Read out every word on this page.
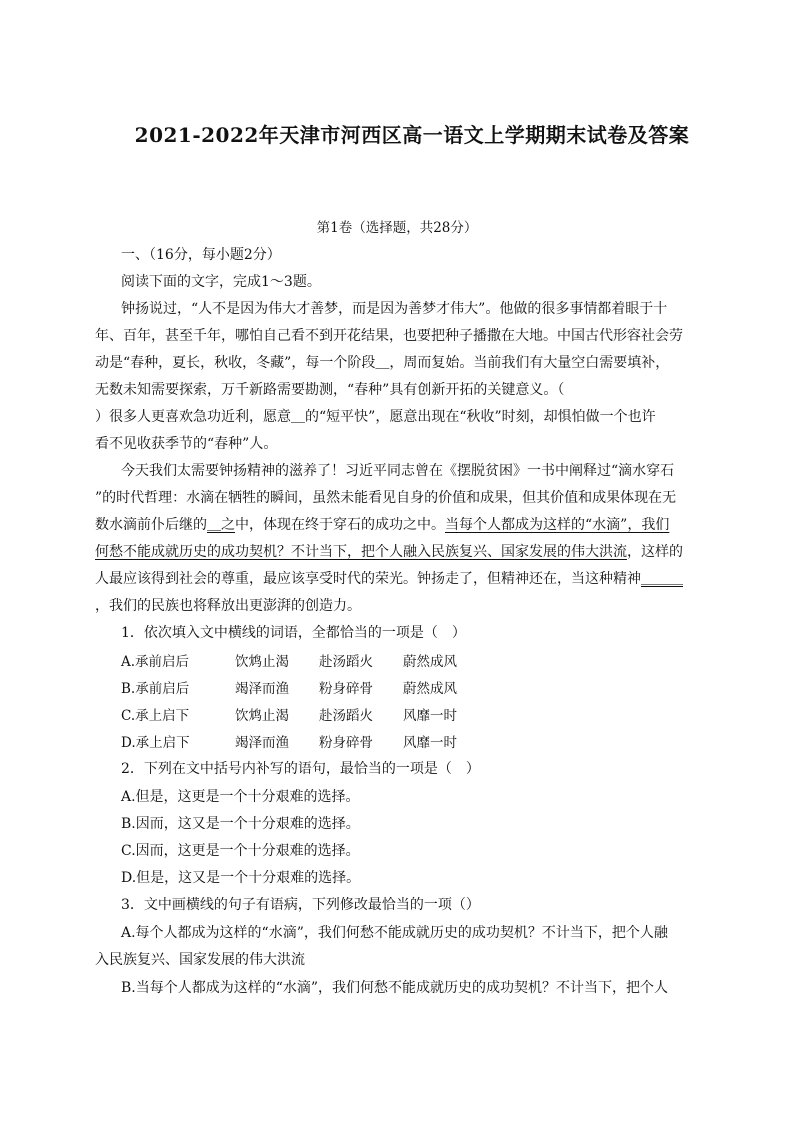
2021-2022年天津市河西区高一语文上学期期末试卷及答案
第1卷（选择题，共28分）
一、（16分，每小题2分）
阅读下面的文字，完成1～3题。
钟扬说过，“人不是因为伟大才善梦，而是因为善梦才伟大”。他做的很多事情都着眼于十
年、百年，甚至千年，哪怕自己看不到开花结果，也要把种子播撒在大地。中国古代形容社会劳
动是“春种，夏长，秋收，冬藏”，每一个阶段＿，周而复始。当前我们有大量空白需要填补，
无数未知需要探索，万千新路需要勘测，“春种”具有创新开拓的关键意义。（
）很多人更喜欢急功近利，愿意＿的“短平快”，愿意出现在“秋收”时刻，却惧怕做一个也许
看不见收获季节的“春种”人。
今天我们太需要钟扬精神的滋养了！习近平同志曾在《摆脱贫困》一书中阐释过“滴水穿石
”的时代哲理：水滴在牺牲的瞬间，虽然未能看见自身的价值和成果，但其价值和成果体现在无
数水滴前仆后继的＿之中，体现在终于穿石的成功之中。当每个人都成为这样的“水滴”，我们
何愁不能成就历史的成功契机？不计当下，把个人融入民族复兴、国家发展的伟大洪流，这样的
人最应该得到社会的尊重，最应该享受时代的荣光。钟扬走了，但精神还在，当这种精神＿＿＿
，我们的民族也将释放出更澎湃的创造力。
1．依次填入文中横线的词语，全都恰当的一项是（　）
A.承前启后	饮鸩止渴 赴汤蹈火 蔚然成风
B.承前启后	竭泽而渔 粉身碎骨 蔚然成风
C.承上启下	饮鸩止渴 赴汤蹈火 风靡一时
D.承上启下	竭泽而渔 粉身碎骨 风靡一时
2．下列在文中括号内补写的语句，最恰当的一项是（　）
A.但是，这更是一个十分艰难的选择。
B.因而，这又是一个十分艰难的选择。
C.因而，这更是一个十分艰难的选择。
D.但是，这又是一个十分艰难的选择。
3．文中画横线的句子有语病，下列修改最恰当的一项（）
A.每个人都成为这样的“水滴”，我们何愁不能成就历史的成功契机？不计当下，把个人融
入民族复兴、国家发展的伟大洪流
B.当每个人都成为这样的“水滴”，我们何愁不能成就历史的成功契机？不计当下，把个人
